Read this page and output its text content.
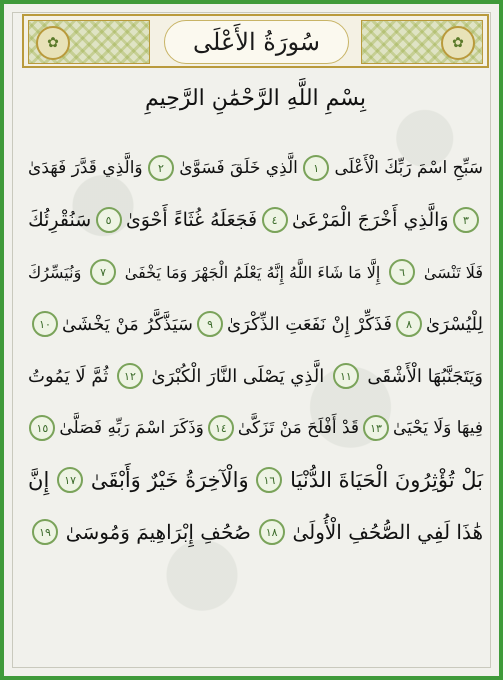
✿	✿
سُورَةُ الأَعْلَى
بِسْمِ اللَّهِ الرَّحْمَٰنِ الرَّحِيمِ
سَبِّحِ اسْمَ رَبِّكَ الْأَعْلَى
١
الَّذِي خَلَقَ فَسَوَّىٰ
٢
وَالَّذِي قَدَّرَ فَهَدَىٰ
٣
وَالَّذِي أَخْرَجَ الْمَرْعَىٰ
٤
فَجَعَلَهُ غُثَاءً أَحْوَىٰ
٥
سَنُقْرِئُكَ
فَلَا تَنْسَىٰ
٦
إِلَّا مَا شَاءَ اللَّهُ إِنَّهُ يَعْلَمُ الْجَهْرَ وَمَا يَخْفَىٰ
٧
وَنُيَسِّرُكَ
لِلْيُسْرَىٰ
٨
فَذَكِّرْ إِنْ نَفَعَتِ الذِّكْرَىٰ
٩
سَيَذَّكَّرُ مَنْ يَخْشَىٰ
١٠
وَيَتَجَنَّبُهَا الْأَشْقَى
١١
الَّذِي يَصْلَى النَّارَ الْكُبْرَىٰ
١٢
ثُمَّ لَا يَمُوتُ
فِيهَا وَلَا يَحْيَىٰ
١٣
قَدْ أَفْلَحَ مَنْ تَزَكَّىٰ
١٤
وَذَكَرَ اسْمَ رَبِّهِ فَصَلَّىٰ
١٥
بَلْ تُؤْثِرُونَ الْحَيَاةَ الدُّنْيَا
١٦
وَالْآخِرَةُ خَيْرٌ وَأَبْقَىٰ
١٧
إِنَّ
هَٰذَا لَفِي الصُّحُفِ الْأُولَىٰ
١٨
صُحُفِ إِبْرَاهِيمَ وَمُوسَىٰ
١٩
